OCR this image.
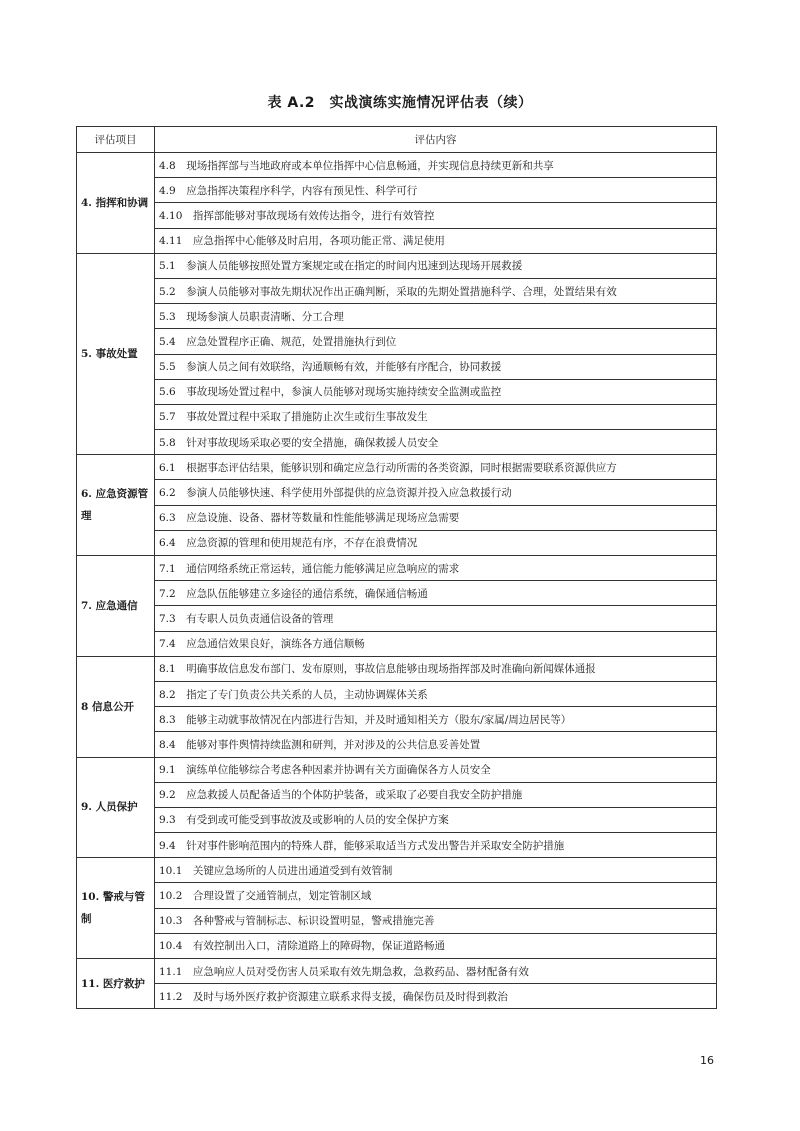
表 A.2　实战演练实施情况评估表（续）
评估项目	评估内容
4. 指挥和协调	4.8　现场指挥部与当地政府或本单位指挥中心信息畅通，并实现信息持续更新和共享
	4.9　应急指挥决策程序科学，内容有预见性、科学可行
	4.10　指挥部能够对事故现场有效传达指令，进行有效管控
	4.11　应急指挥中心能够及时启用，各项功能正常、满足使用
5. 事故处置	5.1　参演人员能够按照处置方案规定或在指定的时间内迅速到达现场开展救援
	5.2　参演人员能够对事故先期状况作出正确判断，采取的先期处置措施科学、合理，处置结果有效
	5.3　现场参演人员职责清晰、分工合理
	5.4　应急处置程序正确、规范，处置措施执行到位
	5.5　参演人员之间有效联络，沟通顺畅有效，并能够有序配合，协同救援
	5.6　事故现场处置过程中，参演人员能够对现场实施持续安全监测或监控
	5.7　事故处置过程中采取了措施防止次生或衍生事故发生
	5.8　针对事故现场采取必要的安全措施，确保救援人员安全
6. 应急资源管理	6.1　根据事态评估结果，能够识别和确定应急行动所需的各类资源，同时根据需要联系资源供应方
	6.2　参演人员能够快速、科学使用外部提供的应急资源并投入应急救援行动
	6.3　应急设施、设备、器材等数量和性能能够满足现场应急需要
	6.4　应急资源的管理和使用规范有序，不存在浪费情况
7. 应急通信	7.1　通信网络系统正常运转，通信能力能够满足应急响应的需求
	7.2　应急队伍能够建立多途径的通信系统，确保通信畅通
	7.3　有专职人员负责通信设备的管理
	7.4　应急通信效果良好，演练各方通信顺畅
8 信息公开	8.1　明确事故信息发布部门、发布原则，事故信息能够由现场指挥部及时准确向新闻媒体通报
	8.2　指定了专门负责公共关系的人员，主动协调媒体关系
	8.3　能够主动就事故情况在内部进行告知，并及时通知相关方（股东/家属/周边居民等）
	8.4　能够对事件舆情持续监测和研判，并对涉及的公共信息妥善处置
9. 人员保护	9.1　演练单位能够综合考虑各种因素并协调有关方面确保各方人员安全
	9.2　应急救援人员配备适当的个体防护装备，或采取了必要自我安全防护措施
	9.3　有受到或可能受到事故波及或影响的人员的安全保护方案
	9.4　针对事件影响范围内的特殊人群，能够采取适当方式发出警告并采取安全防护措施
10. 警戒与管制	10.1　关键应急场所的人员进出通道受到有效管制
	10.2　合理设置了交通管制点，划定管制区域
	10.3　各种警戒与管制标志、标识设置明显，警戒措施完善
	10.4　有效控制出入口，清除道路上的障碍物，保证道路畅通
11. 医疗救护	11.1　应急响应人员对受伤害人员采取有效先期急救，急救药品、器材配备有效
	11.2　及时与场外医疗救护资源建立联系求得支援，确保伤员及时得到救治
16
